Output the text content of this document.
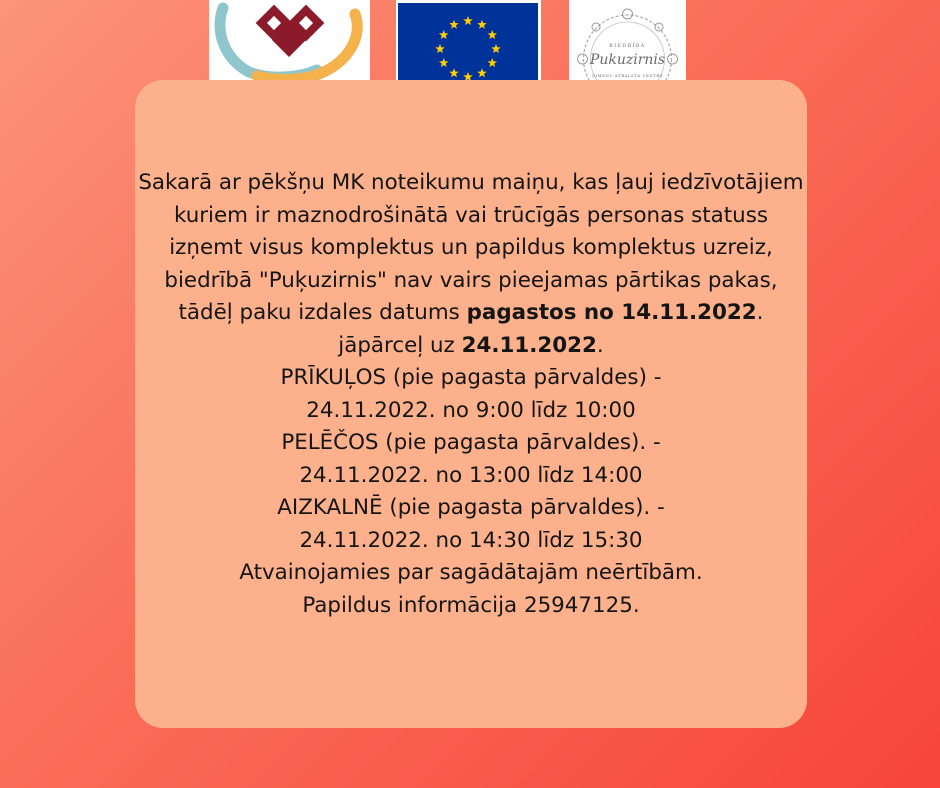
BIEDRĪBA
Pukuzirnis
ĢIMENU ATBALSTA CENTRS

Sakarā ar pēkšņu MK noteikumu maiņu, kas ļauj iedzīvotājiem kuriem ir maznodrošinātā vai trūcīgās personas statuss izņemt visus komplektus un papildus komplektus uzreiz, biedrībā "Puķuzirnis" nav vairs pieejamas pārtikas pakas, tādēļ paku izdales datums pagastos no 14.11.2022. jāpārceļ uz 24.11.2022.

PRĪKUĻOS (pie pagasta pārvaldes) -

24.11.2022. no 9:00 līdz 10:00

PELĒČOS (pie pagasta pārvaldes). -

24.11.2022. no 13:00 līdz 14:00

AIZKALNĒ (pie pagasta pārvaldes). -

24.11.2022. no 14:30 līdz 15:30

Atvainojamies par sagādātajām neērtībām.

Papildus informācija 25947125.
